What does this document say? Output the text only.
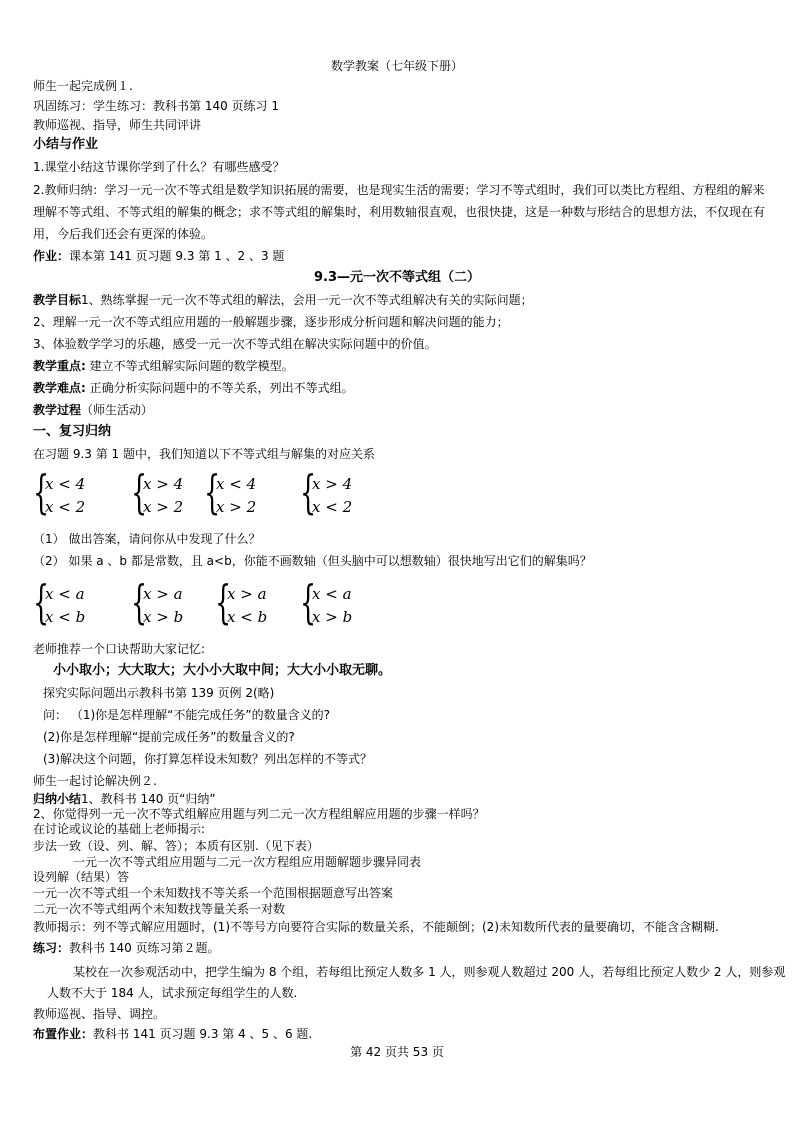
数学教案（七年级下册）
师生一起完成例１.
巩固练习：学生练习：教科书第 140 页练习 1
教师巡视、指导，师生共同评讲
小结与作业
1.课堂小结这节课你学到了什么？有哪些感受？
2.教师归纳：学习一元一次不等式组是数学知识拓展的需要，也是现实生活的需要；学习不等式组时，我们可以类比方程组、方程组的解来
理解不等式组、不等式组的解集的概念；求不等式组的解集时，利用数轴很直观，也很快捷，这是一种数与形结合的思想方法，不仅现在有
用，今后我们还会有更深的体验。
作业：课本第 141 页习题 9.3 第 1 、2 、3 题
9.3—元一次不等式组（二）
教学目标1、熟练掌握一元一次不等式组的解法，会用一元一次不等式组解决有关的实际问题；
2、理解一元一次不等式组应用题的一般解题步骤，逐步形成分析问题和解决问题的能力；
3、体验数学学习的乐趣，感受一元一次不等式组在解决实际问题中的价值。
教学重点: 建立不等式组解实际问题的数学模型。
教学难点: 正确分析实际问题中的不等关系，列出不等式组。
教学过程（师生活动）
一、复习归纳
在习题 9.3 第 1 题中，我们知道以下不等式组与解集的对应关系
{
x < 4
x < 2 {
x > 4
x > 2 {
x < 4
x > 2 {
x > 4
x < 2
（1） 做出答案，请问你从中发现了什么？
（2） 如果 a 、b 都是常数，且 a<b，你能不画数轴（但头脑中可以想数轴）很快地写出它们的解集吗？
{
x < a
x < b {
x > a
x > b {
x > a
x < b {
x < a
x > b
老师推荐一个口诀帮助大家记忆:
小小取小；大大取大；大小小大取中间；大大小小取无聊。
探究实际问题出示教科书第 139 页例 2(略)
问： （1)你是怎样理解“不能完成任务”的数量含义的?
(2)你是怎样理解“提前完成任务”的数量含义的?
(3)解决这个问题，你打算怎样设未知数？列出怎样的不等式？
师生一起讨论解决例２.
归纳小结1、教科书 140 页“归纳”
2、你觉得列一元一次不等式组解应用题与列二元一次方程组解应用题的步骤一样吗？
在讨论或议论的基础上老师揭示:
步法一致（设、列、解、答）；本质有区别.（见下表）
一元一次不等式组应用题与二元一次方程组应用题解题步骤异同表
设列解（结果）答
一元一次不等式组一个未知数找不等关系一个范围根据题意写出答案
二元一次不等式组两个未知数找等量关系一对数
教师揭示：列不等式解应用题时，(1)不等号方向要符合实际的数量关系，不能颠倒；(2)未知数所代表的量要确切，不能含含糊糊.
练习：教科书 140 页练习第２题。
某校在一次参观活动中，把学生编为 8 个组，若每组比预定人数多 1 人，则参观人数超过 200 人，若每组比预定人数少 2 人，则参观
人数不大于 184 人，试求预定每组学生的人数.
教师巡视、指导、调控。
布置作业：教科书 141 页习题 9.3 第 4 、5 、6 题.
第 42 页共 53 页
